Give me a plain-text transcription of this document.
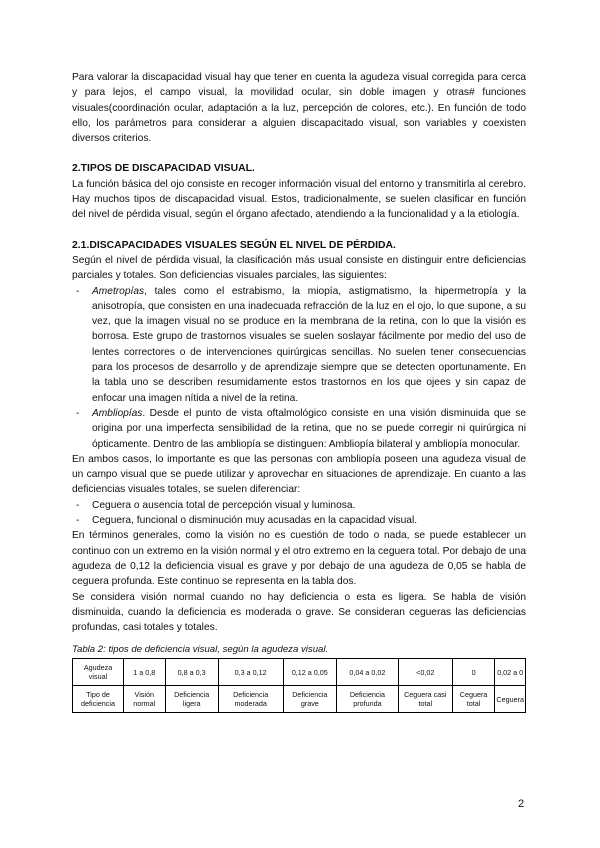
Para valorar la discapacidad visual hay que tener en cuenta la agudeza visual corregida para cerca y para lejos, el campo visual, la movilidad ocular, sin doble imagen y otras# funciones visuales(coordinación ocular, adaptación a la luz, percepción de colores, etc.). En función de todo ello, los parámetros para considerar a alguien discapacitado visual, son variables y coexisten diversos criterios.

2.TIPOS DE DISCAPACIDAD VISUAL.

La función básica del ojo consiste en recoger información visual del entorno y transmitirla al cerebro. Hay muchos tipos de discapacidad visual. Estos, tradicionalmente, se suelen clasificar en función del nivel de pérdida visual, según el órgano afectado, atendiendo a la funcionalidad y a la etiología.

2.1.DISCAPACIDADES VISUALES SEGÚN EL NIVEL DE PÉRDIDA.

Según el nivel de pérdida visual, la clasificación más usual consiste en distinguir entre deficiencias parciales y totales. Son deficiencias visuales parciales, las siguientes:

- Ametropías, tales como el estrabismo, la miopía, astigmatismo, la hipermetropía y la anisotropía, que consisten en una inadecuada refracción de la luz en el ojo, lo que supone, a su vez, que la imagen visual no se produce en la membrana de la retina, con lo que la visión es borrosa. Este grupo de trastornos visuales se suelen soslayar fácilmente por medio del uso de lentes correctores o de intervenciones quirúrgicas sencillas. No suelen tener consecuencias para los procesos de desarrollo y de aprendizaje siempre que se detecten oportunamente. En la tabla uno se describen resumidamente estos trastornos en los que ojees y sin capaz de enfocar una imagen nítida a nivel de la retina.
- Ambliopías. Desde el punto de vista oftalmológico consiste en una visión disminuida que se origina por una imperfecta sensibilidad de la retina, que no se puede corregir ni quirúrgica ni ópticamente. Dentro de las ambliopía se distinguen: Ambliopía bilateral y ambliopía monocular.

En ambos casos, lo importante es que las personas con ambliopía poseen una agudeza visual de un campo visual que se puede utilizar y aprovechar en situaciones de aprendizaje. En cuanto a las deficiencias visuales totales, se suelen diferenciar:

- Ceguera o ausencia total de percepción visual y luminosa.
- Ceguera, funcional o disminución muy acusadas en la capacidad visual.

En términos generales, como la visión no es cuestión de todo o nada, se puede establecer un continuo con un extremo en la visión normal y el otro extremo en la ceguera total. Por debajo de una agudeza de 0,12 la deficiencia visual es grave y por debajo de una agudeza de 0,05 se habla de ceguera profunda. Este continuo se representa en la tabla dos.

Se considera visión normal cuando no hay deficiencia o esta es ligera. Se habla de visión disminuida, cuando la deficiencia es moderada o grave. Se consideran cegueras las deficiencias profundas, casi totales y totales.

Tabla 2: tipos de deficiencia visual, según la agudeza visual.
Agudeza visual	1 a 0,8	0,8 a 0,3	0,3 a 0,12	0,12 a 0,05	0,04 a 0,02	<0,02	0	0,02 a 0
Tipo de deficiencia	Visión normal	Deficiencia ligera	Deficiencia moderada	Deficiencia grave	Deficiencia profunda	Ceguera casi total	Ceguera total	Ceguera
2
